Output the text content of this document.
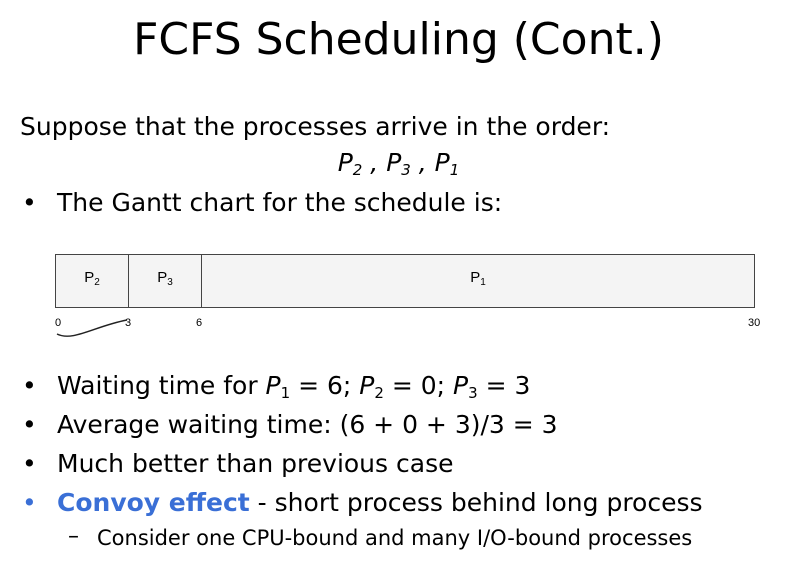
FCFS Scheduling (Cont.)
Suppose that the processes arrive in the order:
$P_2$ , $P_3$ , $P_1$
• The Gantt chart for the schedule is:
$P_2$	$P_3$	$P_1$
0	3	6	30
• Waiting time for $P_1 = 6$; $P_2 = 0$; $P_3 = 3$
• Average waiting time: (6 + 0 + 3)/3 = 3
• Much better than previous case
• Convoy effect - short process behind long process
– Consider one CPU-bound and many I/O-bound processes
